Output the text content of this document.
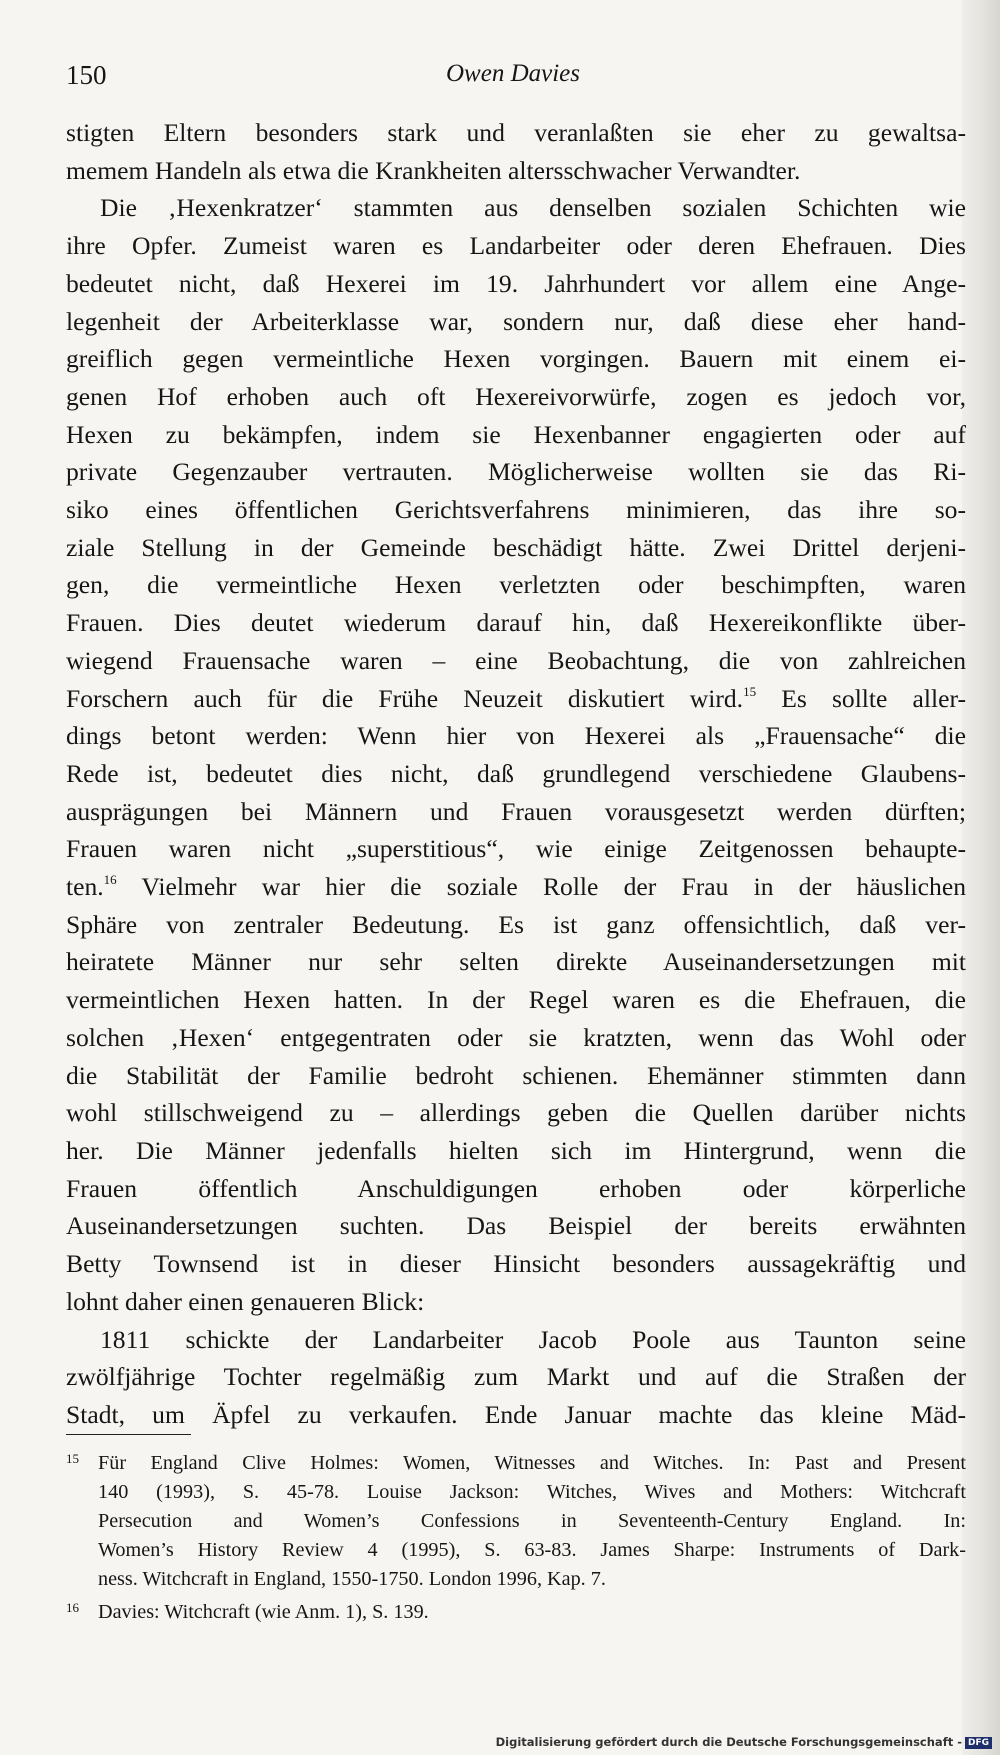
150	Owen Davies
stigten Eltern besonders stark und veranlaßten sie eher zu gewaltsa-
memem Handeln als etwa die Krankheiten altersschwacher Verwandter.
Die ‚Hexenkratzer‘ stammten aus denselben sozialen Schichten wie
ihre Opfer. Zumeist waren es Landarbeiter oder deren Ehefrauen. Dies
bedeutet nicht, daß Hexerei im 19. Jahrhundert vor allem eine Ange-
legenheit der Arbeiterklasse war, sondern nur, daß diese eher hand-
greiflich gegen vermeintliche Hexen vorgingen. Bauern mit einem ei-
genen Hof erhoben auch oft Hexereivorwürfe, zogen es jedoch vor,
Hexen zu bekämpfen, indem sie Hexenbanner engagierten oder auf
private Gegenzauber vertrauten. Möglicherweise wollten sie das Ri-
siko eines öffentlichen Gerichtsverfahrens minimieren, das ihre so-
ziale Stellung in der Gemeinde beschädigt hätte. Zwei Drittel derjeni-
gen, die vermeintliche Hexen verletzten oder beschimpften, waren
Frauen. Dies deutet wiederum darauf hin, daß Hexereikonflikte über-
wiegend Frauensache waren – eine Beobachtung, die von zahlreichen
Forschern auch für die Frühe Neuzeit diskutiert wird.$^{15}$ Es sollte aller-
dings betont werden: Wenn hier von Hexerei als „Frauensache“ die
Rede ist, bedeutet dies nicht, daß grundlegend verschiedene Glaubens-
ausprägungen bei Männern und Frauen vorausgesetzt werden dürften;
Frauen waren nicht „superstitious“, wie einige Zeitgenossen behaupte-
ten.$^{16}$ Vielmehr war hier die soziale Rolle der Frau in der häuslichen
Sphäre von zentraler Bedeutung. Es ist ganz offensichtlich, daß ver-
heiratete Männer nur sehr selten direkte Auseinandersetzungen mit
vermeintlichen Hexen hatten. In der Regel waren es die Ehefrauen, die
solchen ‚Hexen‘ entgegentraten oder sie kratzten, wenn das Wohl oder
die Stabilität der Familie bedroht schienen. Ehemänner stimmten dann
wohl stillschweigend zu – allerdings geben die Quellen darüber nichts
her. Die Männer jedenfalls hielten sich im Hintergrund, wenn die
Frauen öffentlich Anschuldigungen erhoben oder körperliche
Auseinandersetzungen suchten. Das Beispiel der bereits erwähnten
Betty Townsend ist in dieser Hinsicht besonders aussagekräftig und
lohnt daher einen genaueren Blick:
1811 schickte der Landarbeiter Jacob Poole aus Taunton seine
zwölfjährige Tochter regelmäßig zum Markt und auf die Straßen der
Stadt, um Äpfel zu verkaufen. Ende Januar machte das kleine Mäd-
15 Für England Clive Holmes: Women, Witnesses and Witches. In: Past and Present
140 (1993), S. 45-78. Louise Jackson: Witches, Wives and Mothers: Witchcraft
Persecution and Women’s Confessions in Seventeenth-Century England. In:
Women’s History Review 4 (1995), S. 63-83. James Sharpe: Instruments of Dark-
ness. Witchcraft in England, 1550-1750. London 1996, Kap. 7.
16 Davies: Witchcraft (wie Anm. 1), S. 139.
Digitalisierung gefördert durch die Deutsche Forschungsgemeinschaft - DFG
